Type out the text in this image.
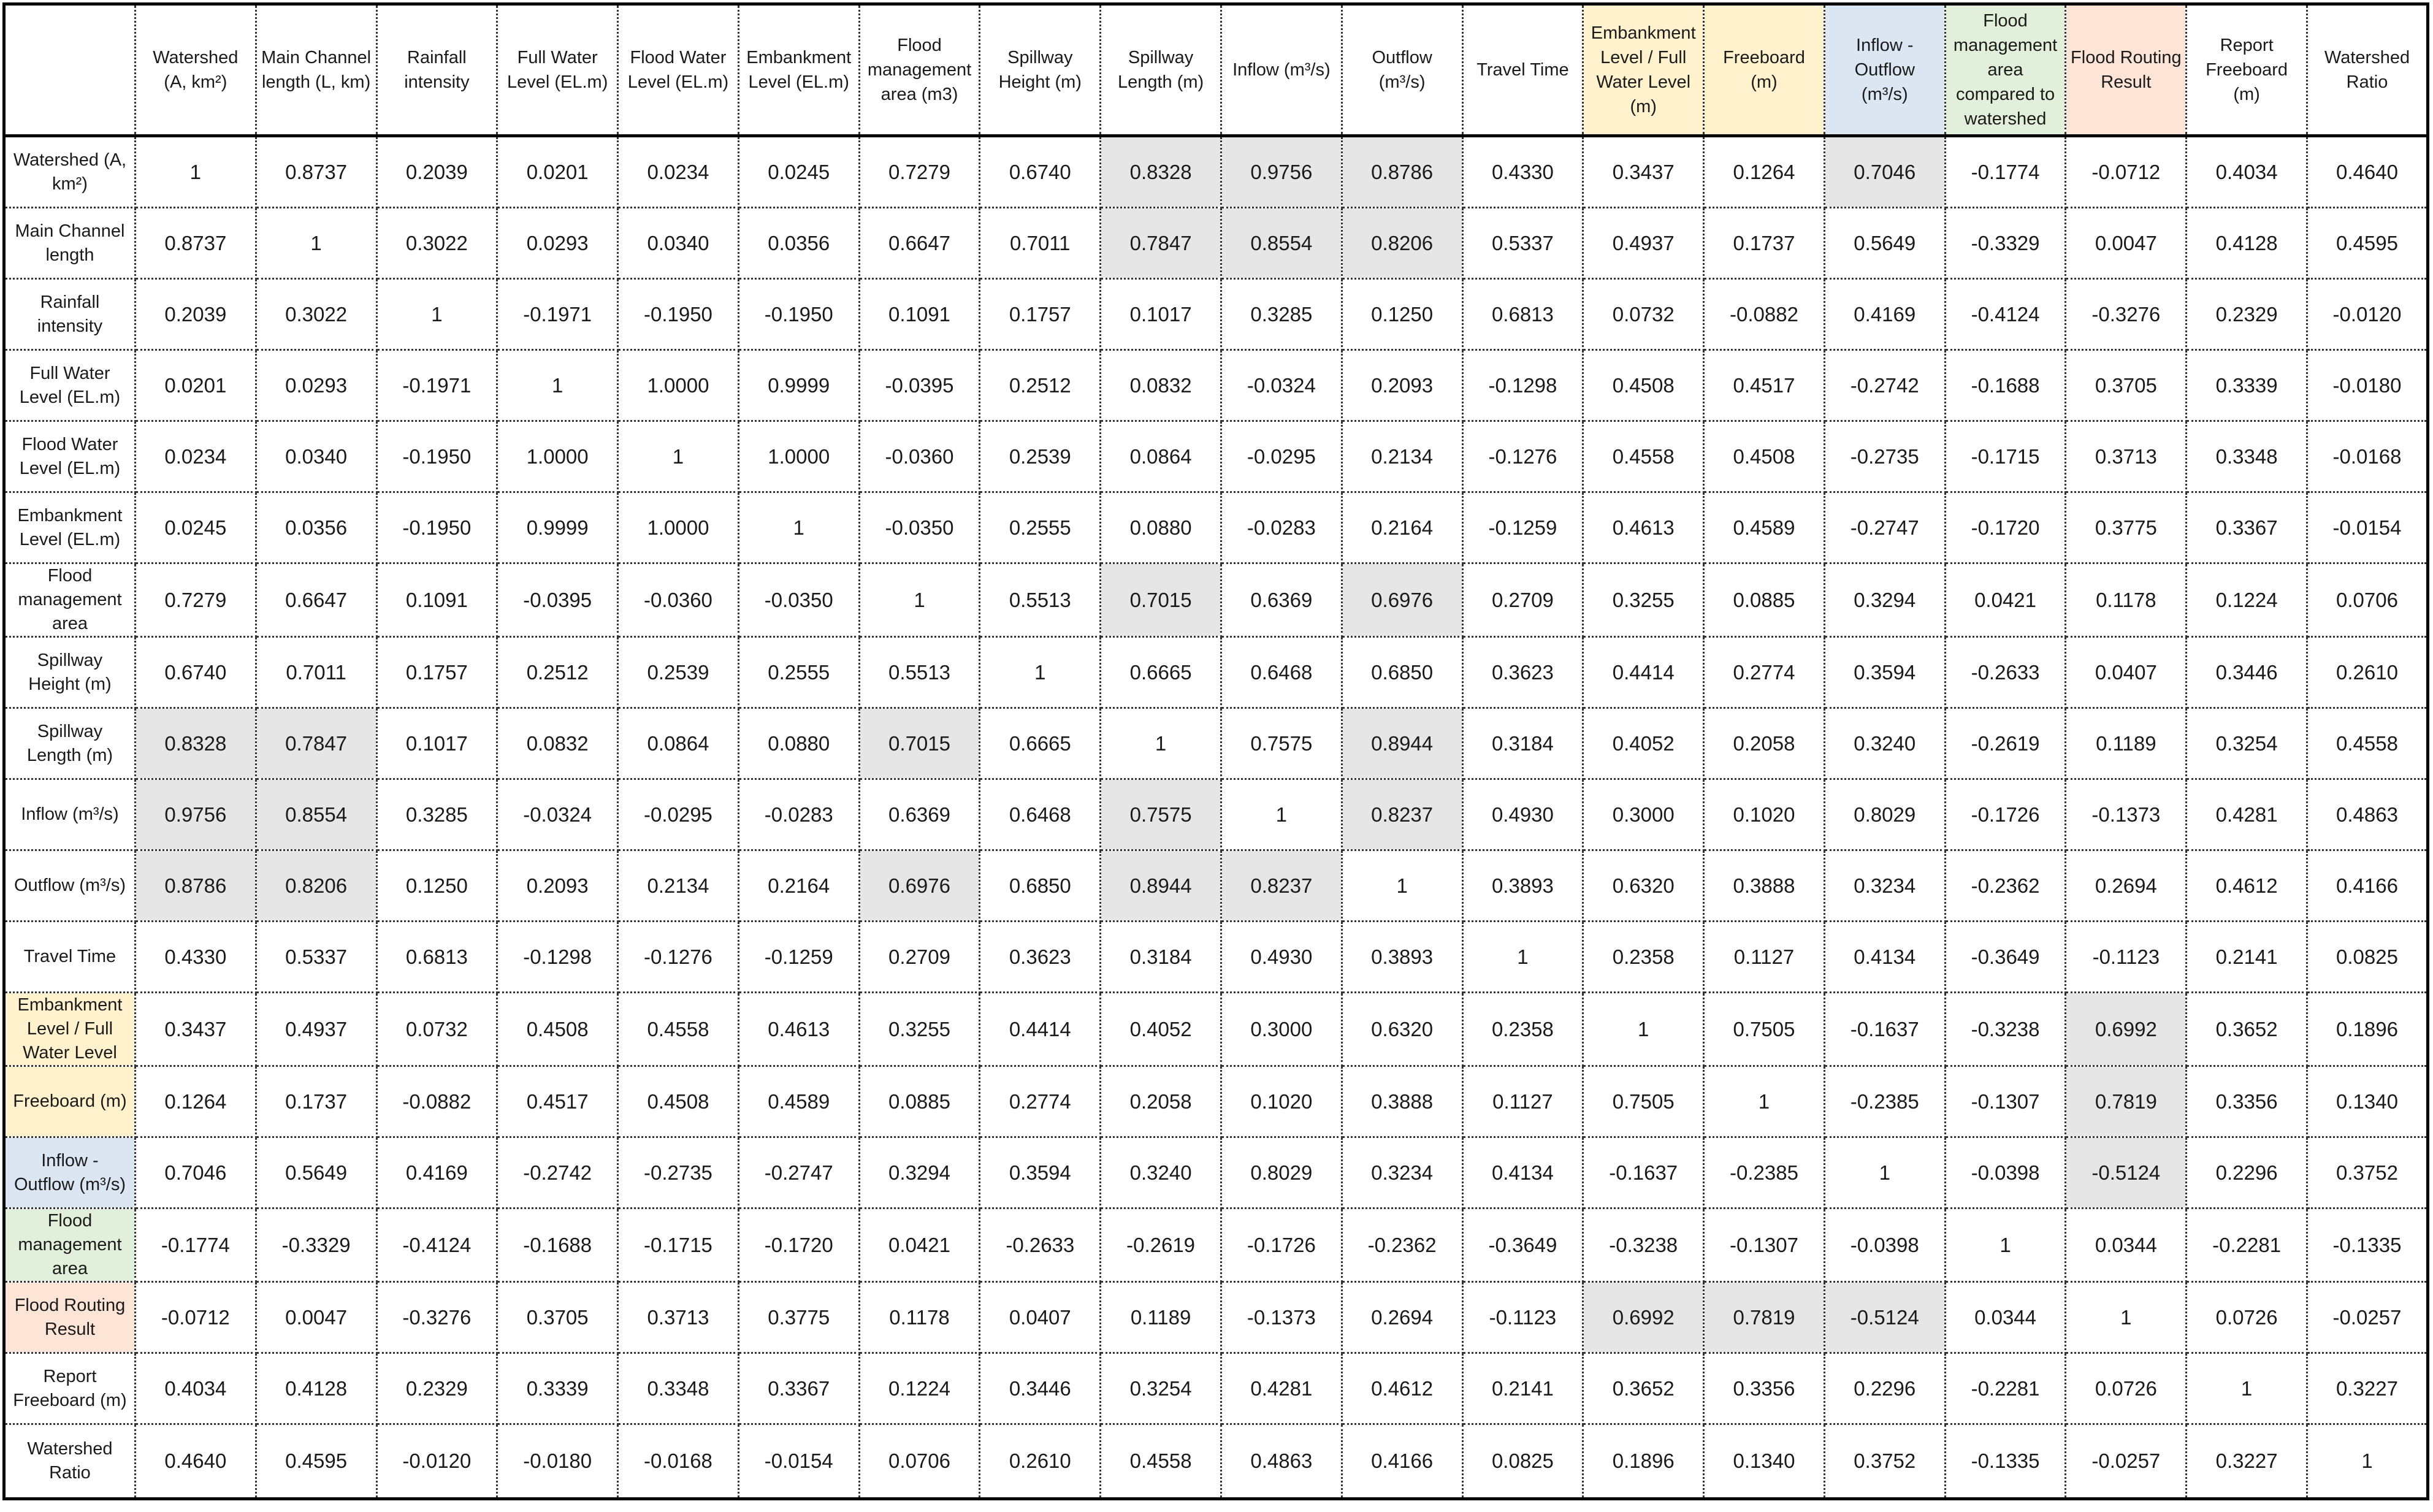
	Watershed (A, km²)	Main Channel length (L, km)	Rainfall intensity	Full Water Level (EL.m)	Flood Water Level (EL.m)	Embankment Level (EL.m)	Flood management area (m3)	Spillway Height (m)	Spillway Length (m)	Inflow (m³/s)	Outflow (m³/s)	Travel Time	Embankment Level / Full Water Level (m)	Freeboard (m)	Inflow - Outflow (m³/s)	Flood management area compared to watershed	Flood Routing Result	Report Freeboard (m)	Watershed Ratio
Watershed (A, km²)	1	0.8737	0.2039	0.0201	0.0234	0.0245	0.7279	0.6740	0.8328	0.9756	0.8786	0.4330	0.3437	0.1264	0.7046	-0.1774	-0.0712	0.4034	0.4640
Main Channel length	0.8737	1	0.3022	0.0293	0.0340	0.0356	0.6647	0.7011	0.7847	0.8554	0.8206	0.5337	0.4937	0.1737	0.5649	-0.3329	0.0047	0.4128	0.4595
Rainfall intensity	0.2039	0.3022	1	-0.1971	-0.1950	-0.1950	0.1091	0.1757	0.1017	0.3285	0.1250	0.6813	0.0732	-0.0882	0.4169	-0.4124	-0.3276	0.2329	-0.0120
Full Water Level (EL.m)	0.0201	0.0293	-0.1971	1	1.0000	0.9999	-0.0395	0.2512	0.0832	-0.0324	0.2093	-0.1298	0.4508	0.4517	-0.2742	-0.1688	0.3705	0.3339	-0.0180
Flood Water Level (EL.m)	0.0234	0.0340	-0.1950	1.0000	1	1.0000	-0.0360	0.2539	0.0864	-0.0295	0.2134	-0.1276	0.4558	0.4508	-0.2735	-0.1715	0.3713	0.3348	-0.0168
Embankment Level (EL.m)	0.0245	0.0356	-0.1950	0.9999	1.0000	1	-0.0350	0.2555	0.0880	-0.0283	0.2164	-0.1259	0.4613	0.4589	-0.2747	-0.1720	0.3775	0.3367	-0.0154
Flood management area	0.7279	0.6647	0.1091	-0.0395	-0.0360	-0.0350	1	0.5513	0.7015	0.6369	0.6976	0.2709	0.3255	0.0885	0.3294	0.0421	0.1178	0.1224	0.0706
Spillway Height (m)	0.6740	0.7011	0.1757	0.2512	0.2539	0.2555	0.5513	1	0.6665	0.6468	0.6850	0.3623	0.4414	0.2774	0.3594	-0.2633	0.0407	0.3446	0.2610
Spillway Length (m)	0.8328	0.7847	0.1017	0.0832	0.0864	0.0880	0.7015	0.6665	1	0.7575	0.8944	0.3184	0.4052	0.2058	0.3240	-0.2619	0.1189	0.3254	0.4558
Inflow (m³/s)	0.9756	0.8554	0.3285	-0.0324	-0.0295	-0.0283	0.6369	0.6468	0.7575	1	0.8237	0.4930	0.3000	0.1020	0.8029	-0.1726	-0.1373	0.4281	0.4863
Outflow (m³/s)	0.8786	0.8206	0.1250	0.2093	0.2134	0.2164	0.6976	0.6850	0.8944	0.8237	1	0.3893	0.6320	0.3888	0.3234	-0.2362	0.2694	0.4612	0.4166
Travel Time	0.4330	0.5337	0.6813	-0.1298	-0.1276	-0.1259	0.2709	0.3623	0.3184	0.4930	0.3893	1	0.2358	0.1127	0.4134	-0.3649	-0.1123	0.2141	0.0825
Embankment Level / Full Water Level	0.3437	0.4937	0.0732	0.4508	0.4558	0.4613	0.3255	0.4414	0.4052	0.3000	0.6320	0.2358	1	0.7505	-0.1637	-0.3238	0.6992	0.3652	0.1896
Freeboard (m)	0.1264	0.1737	-0.0882	0.4517	0.4508	0.4589	0.0885	0.2774	0.2058	0.1020	0.3888	0.1127	0.7505	1	-0.2385	-0.1307	0.7819	0.3356	0.1340
Inflow - Outflow (m³/s)	0.7046	0.5649	0.4169	-0.2742	-0.2735	-0.2747	0.3294	0.3594	0.3240	0.8029	0.3234	0.4134	-0.1637	-0.2385	1	-0.0398	-0.5124	0.2296	0.3752
Flood management area	-0.1774	-0.3329	-0.4124	-0.1688	-0.1715	-0.1720	0.0421	-0.2633	-0.2619	-0.1726	-0.2362	-0.3649	-0.3238	-0.1307	-0.0398	1	0.0344	-0.2281	-0.1335
Flood Routing Result	-0.0712	0.0047	-0.3276	0.3705	0.3713	0.3775	0.1178	0.0407	0.1189	-0.1373	0.2694	-0.1123	0.6992	0.7819	-0.5124	0.0344	1	0.0726	-0.0257
Report Freeboard (m)	0.4034	0.4128	0.2329	0.3339	0.3348	0.3367	0.1224	0.3446	0.3254	0.4281	0.4612	0.2141	0.3652	0.3356	0.2296	-0.2281	0.0726	1	0.3227
Watershed Ratio	0.4640	0.4595	-0.0120	-0.0180	-0.0168	-0.0154	0.0706	0.2610	0.4558	0.4863	0.4166	0.0825	0.1896	0.1340	0.3752	-0.1335	-0.0257	0.3227	1
